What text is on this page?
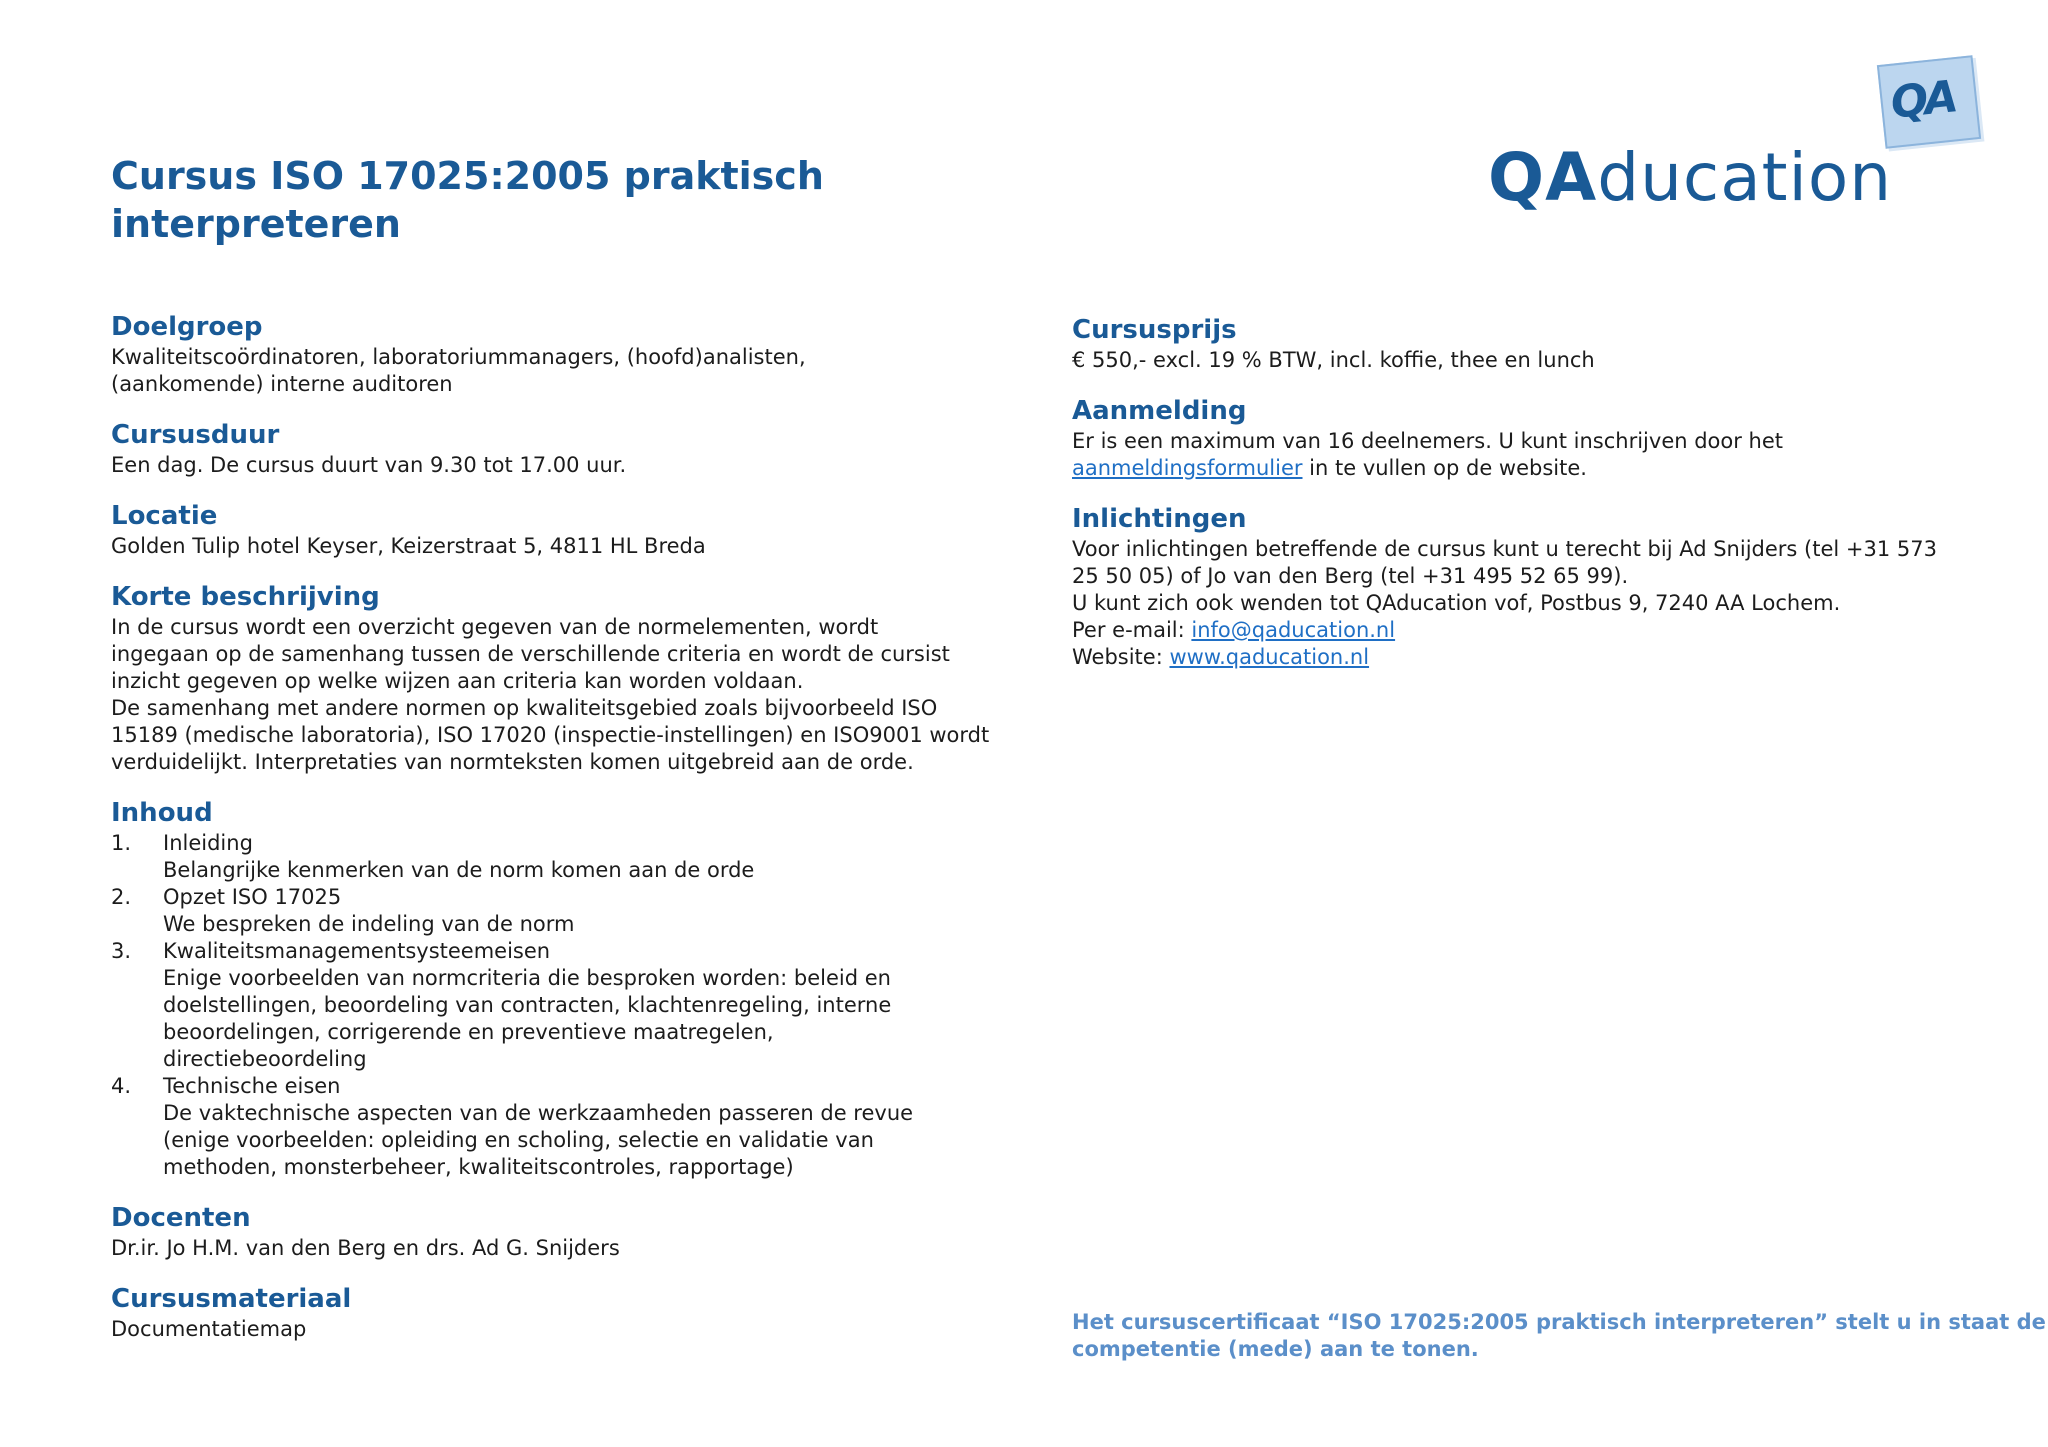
Cursus ISO 17025:2005 praktisch
interpreteren
QA
QAducation
Doelgroep

Kwaliteitscoördinatoren, laboratoriummanagers, (hoofd)analisten,

(aankomende) interne auditoren

Cursusduur

Een dag. De cursus duurt van 9.30 tot 17.00 uur.

Locatie

Golden Tulip hotel Keyser, Keizerstraat 5, 4811 HL Breda

Korte beschrijving

In de cursus wordt een overzicht gegeven van de normelementen, wordt

ingegaan op de samenhang tussen de verschillende criteria en wordt de cursist

inzicht gegeven op welke wijzen aan criteria kan worden voldaan.

De samenhang met andere normen op kwaliteitsgebied zoals bijvoorbeeld ISO

15189 (medische laboratoria), ISO 17020 (inspectie-instellingen) en ISO9001 wordt

verduidelijkt. Interpretaties van normteksten komen uitgebreid aan de orde.

Inhoud
1.	Inleiding

Belangrijke kenmerken van de norm komen aan de orde

2.	Opzet ISO 17025

We bespreken de indeling van de norm

3.	Kwaliteitsmanagementsysteemeisen

Enige voorbeelden van normcriteria die besproken worden: beleid en

doelstellingen, beoordeling van contracten, klachtenregeling, interne

beoordelingen, corrigerende en preventieve maatregelen,

directiebeoordeling

4.	Technische eisen

De vaktechnische aspecten van de werkzaamheden passeren de revue

(enige voorbeelden: opleiding en scholing, selectie en validatie van

methoden, monsterbeheer, kwaliteitscontroles, rapportage)

Docenten

Dr.ir. Jo H.M. van den Berg en drs. Ad G. Snijders

Cursusmateriaal

Documentatiemap

Cursusprijs

€ 550,- excl. 19 % BTW, incl. koffie, thee en lunch

Aanmelding

Er is een maximum van 16 deelnemers. U kunt inschrijven door het

aanmeldingsformulier in te vullen op de website.

Inlichtingen

Voor inlichtingen betreffende de cursus kunt u terecht bij Ad Snijders (tel +31 573

25 50 05) of Jo van den Berg (tel +31 495 52 65 99).

U kunt zich ook wenden tot QAducation vof, Postbus 9, 7240 AA Lochem.

Per e-mail: info@qaducation.nl

Website: www.qaducation.nl

Het cursuscertificaat “ISO 17025:2005 praktisch interpreteren” stelt u in staat de

competentie (mede) aan te tonen.
